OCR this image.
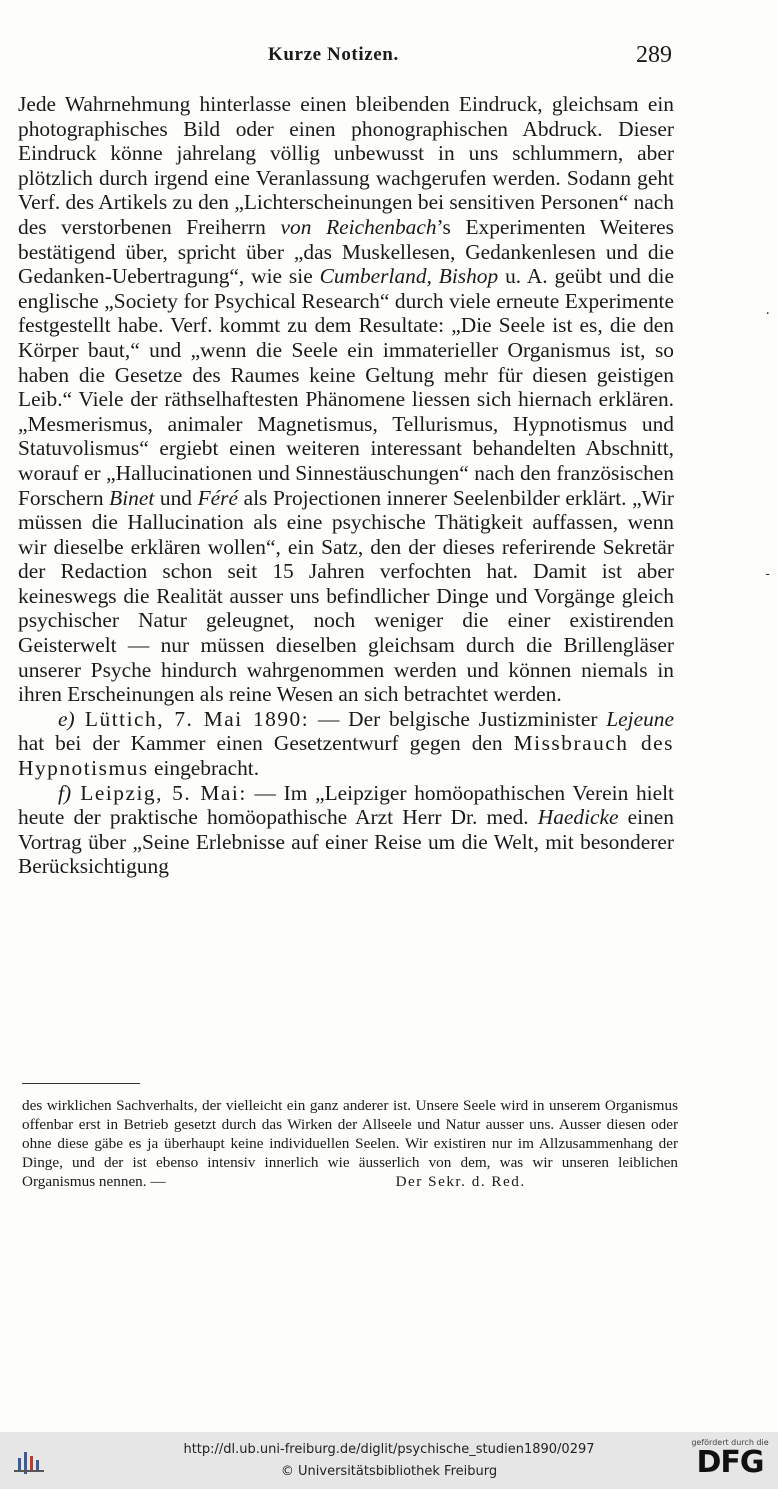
Kurze Notizen.	289
·
-

Jede Wahrnehmung hinterlasse einen bleibenden Eindruck, gleichsam ein photographisches Bild oder einen phonographischen Abdruck. Dieser Eindruck könne jahrelang völlig unbewusst in uns schlummern, aber plötzlich durch irgend eine Veranlassung wachgerufen werden. Sodann geht Verf. des Artikels zu den „Lichterscheinungen bei sensitiven Personen“ nach des verstorbenen Freiherrn von Reichenbach’s Experimenten Weiteres bestätigend über, spricht über „das Muskellesen, Gedankenlesen und die Gedanken-Uebertragung“, wie sie Cumberland, Bishop u. A. geübt und die englische „Society for Psychical Research“ durch viele erneute Experimente festgestellt habe. Verf. kommt zu dem Resultate: „Die Seele ist es, die den Körper baut,“ und „wenn die Seele ein immaterieller Organismus ist, so haben die Gesetze des Raumes keine Geltung mehr für diesen geistigen Leib.“ Viele der räthselhaftesten Phänomene liessen sich hiernach erklären. „Mesmerismus, animaler Magnetismus, Tellurismus, Hypnotismus und Statuvolismus“ ergiebt einen weiteren interessant behandelten Abschnitt, worauf er „Hallucinationen und Sinnestäuschungen“ nach den französischen Forschern Binet und Féré als Projectionen innerer Seelenbilder erklärt. „Wir müssen die Hallucination als eine psychische Thätigkeit auffassen, wenn wir dieselbe erklären wollen“, ein Satz, den der dieses referirende Sekretär der Redaction schon seit 15 Jahren verfochten hat. Damit ist aber keineswegs die Realität ausser uns befindlicher Dinge und Vorgänge gleich psychischer Natur geleugnet, noch weniger die einer existirenden Geisterwelt — nur müssen dieselben gleichsam durch die Brillengläser unserer Psyche hindurch wahrgenommen werden und können niemals in ihren Erscheinungen als reine Wesen an sich betrachtet werden.

e) Lüttich, 7. Mai 1890: — Der belgische Justizminister Lejeune hat bei der Kammer einen Gesetzentwurf gegen den Missbrauch des Hypnotismus eingebracht.

f) Leipzig, 5. Mai: — Im „Leipziger homöopathischen Verein hielt heute der praktische homöopathische Arzt Herr Dr. med. Haedicke einen Vortrag über „Seine Erlebnisse auf einer Reise um die Welt, mit besonderer Berücksichtigung

des wirklichen Sachverhalts, der vielleicht ein ganz anderer ist. Unsere Seele wird in unserem Organismus offenbar erst in Betrieb gesetzt durch das Wirken der Allseele und Natur ausser uns. Ausser diesen oder ohne diese gäbe es ja überhaupt keine individuellen Seelen. Wir existiren nur im Allzusammenhang der Dinge, und der ist ebenso intensiv innerlich wie äusserlich von dem, was wir unseren leiblichen Organismus nennen. —	Der Sekr. d. Red.
http://dl.ub.uni-freiburg.de/diglit/psychische_studien1890/0297
© Universitätsbibliothek Freiburg
gefördert durch die
DFG
